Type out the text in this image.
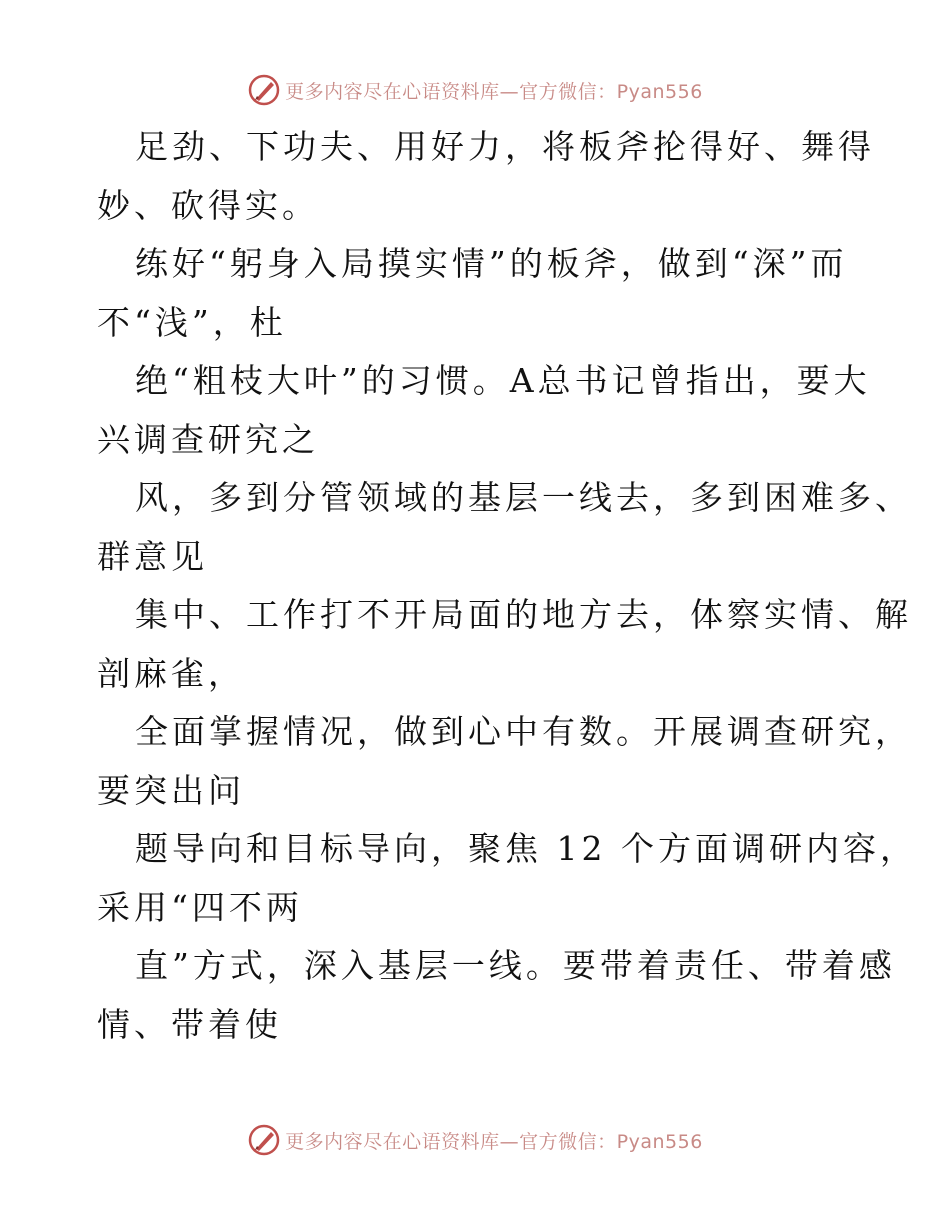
更多内容尽在心语资料库—官方微信：Pyan556
足劲、下功夫、用好力，将板斧抡得好、舞得
妙、砍得实。
练好“躬身入局摸实情”的板斧，做到“深”而
不“浅”，杜
绝“粗枝大叶”的习惯。A总书记曾指出，要大
兴调查研究之
风，多到分管领域的基层一线去，多到困难多、
群意见
集中、工作打不开局面的地方去，体察实情、解
剖麻雀，
全面掌握情况，做到心中有数。开展调查研究，
要突出问
题导向和目标导向，聚焦 12 个方面调研内容，
采用“四不两
直”方式，深入基层一线。要带着责任、带着感
情、带着使
更多内容尽在心语资料库—官方微信：Pyan556
